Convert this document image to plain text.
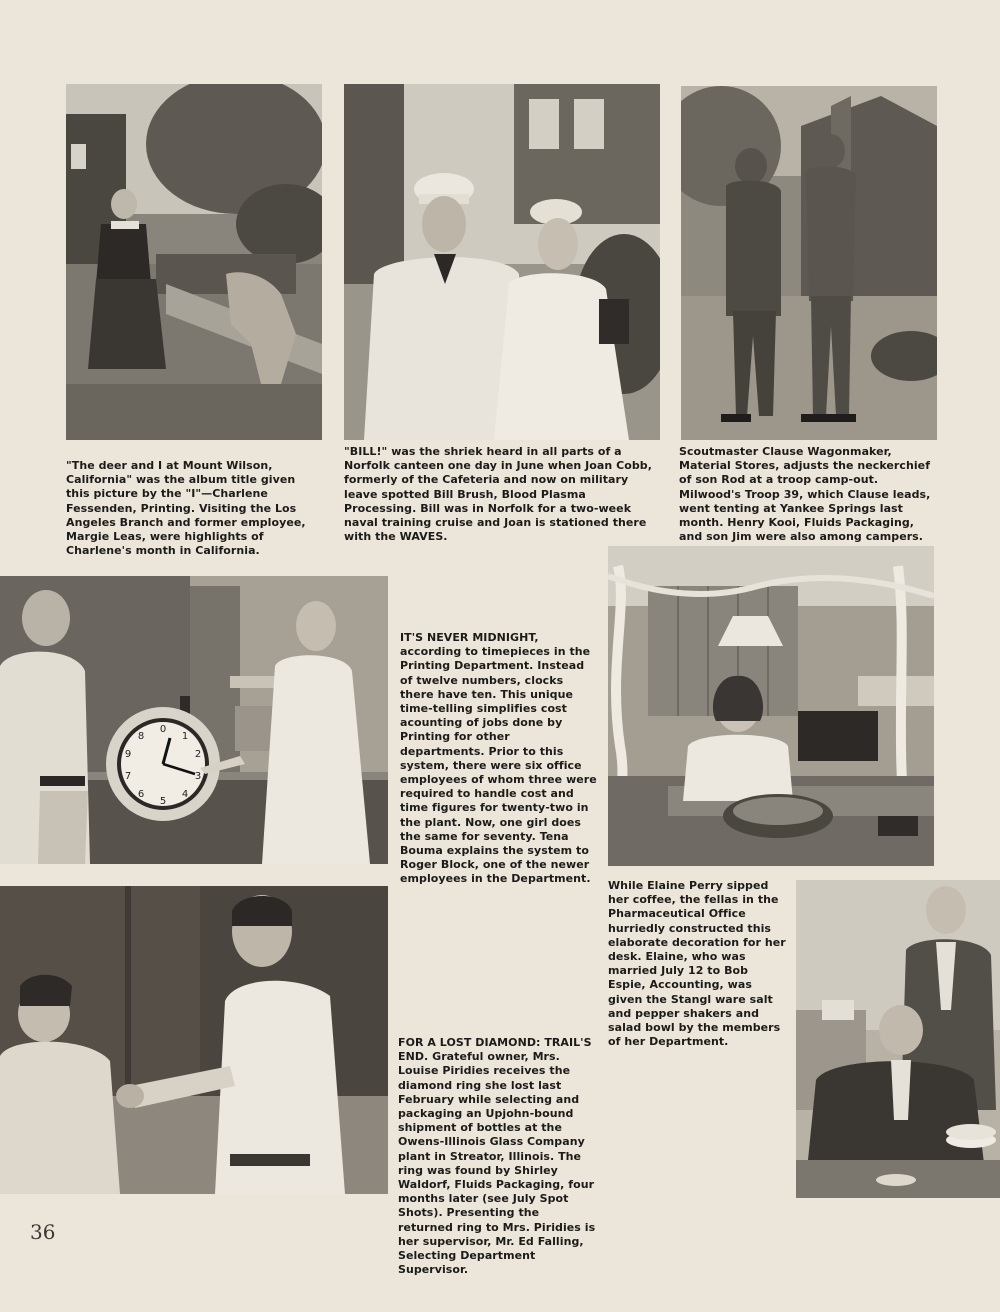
"The deer and I at Mount Wilson, California" was the album title given this picture by the "I"—Charlene Fessenden, Printing. Visiting the Los Angeles Branch and former employee, Margie Leas, were highlights of Charlene's month in California.
"BILL!" was the shriek heard in all parts of a Norfolk canteen one day in June when Joan Cobb, formerly of the Cafeteria and now on military leave spotted Bill Brush, Blood Plasma Processing. Bill was in Norfolk for a two-week naval training cruise and Joan is stationed there with the WAVES.
Scoutmaster Clause Wagonmaker, Material Stores, adjusts the neckerchief of son Rod at a troop camp-out. Milwood's Troop 39, which Clause leads, went tenting at Yankee Springs last month. Henry Kooi, Fluids Packaging, and son Jim were also among campers.
0
1
2
3
4
5
6
7
9
8
IT'S NEVER MIDNIGHT, according to timepieces in the Printing Department. Instead of twelve numbers, clocks there have ten. This unique time-telling simplifies cost acounting of jobs done by Printing for other departments. Prior to this system, there were six office employees of whom three were required to handle cost and time figures for twenty-two in the plant. Now, one girl does the same for seventy. Tena Bouma explains the system to Roger Block, one of the newer employees in the Department.
While Elaine Perry sipped her coffee, the fellas in the Pharmaceutical Office hurriedly constructed this elaborate decoration for her desk. Elaine, who was married July 12 to Bob Espie, Accounting, was given the Stangl ware salt and pepper shakers and salad bowl by the members of her Department.
FOR A LOST DIAMOND: TRAIL'S END. Grateful owner, Mrs. Louise Piridies receives the diamond ring she lost last February while selecting and packaging an Upjohn-bound shipment of bottles at the Owens-Illinois Glass Company plant in Streator, Illinois. The ring was found by Shirley Waldorf, Fluids Packaging, four months later (see July Spot Shots). Presenting the returned ring to Mrs. Piridies is her supervisor, Mr. Ed Falling, Selecting Department Supervisor.
36
